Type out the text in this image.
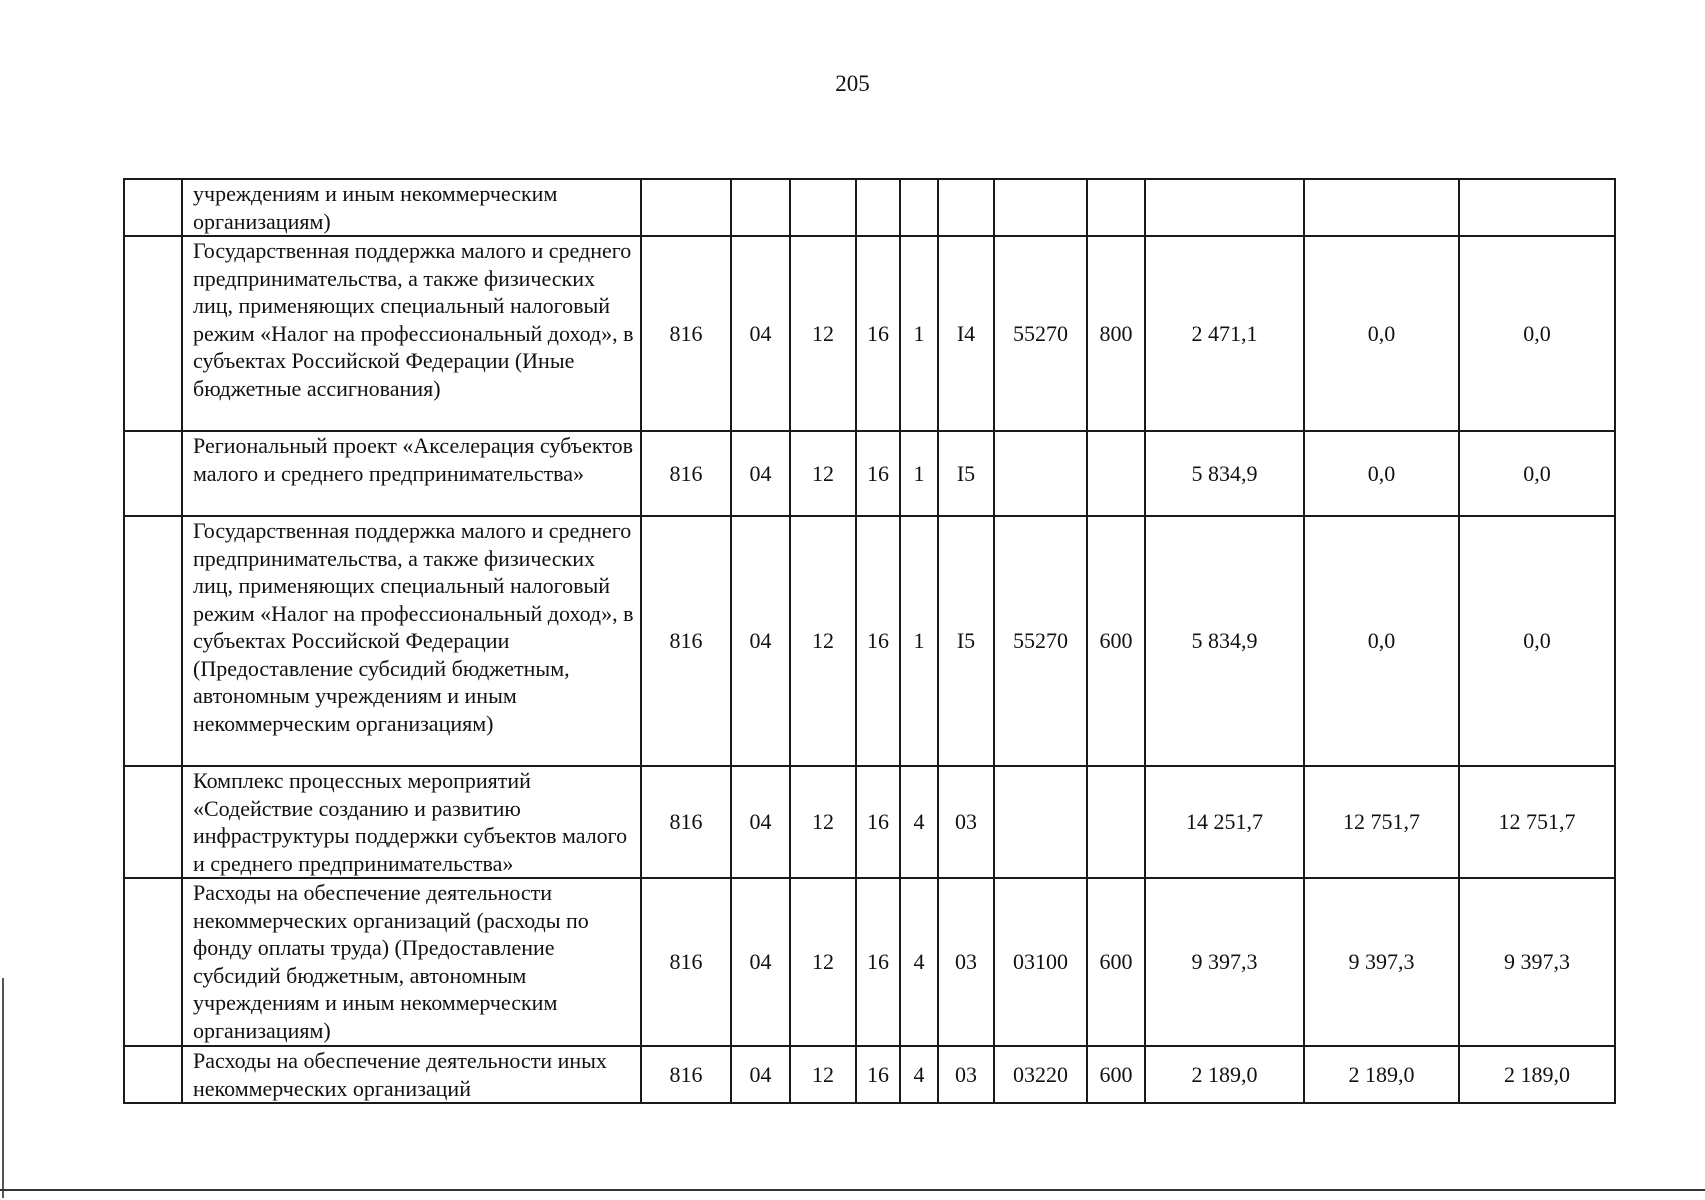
205
	учреждениям и иным некоммерческим организациям)											
	Государственная поддержка малого и среднего предпринимательства, а также физических лиц, применяющих специальный налоговый режим «Налог на профессиональный доход», в субъектах Российской Федерации (Иные бюджетные ассигнования)	816	04	12	16	1	I4	55270	800	2 471,1	0,0	0,0
	Региональный проект «Акселерация субъектов малого и среднего предпринимательства»	816	04	12	16	1	I5			5 834,9	0,0	0,0
	Государственная поддержка малого и среднего предпринимательства, а также физических лиц, применяющих специальный налоговый режим «Налог на профессиональный доход», в субъектах Российской Федерации (Предоставление субсидий бюджетным, автономным учреждениям и иным некоммерческим организациям)	816	04	12	16	1	I5	55270	600	5 834,9	0,0	0,0
	Комплекс процессных мероприятий «Содействие созданию и развитию инфраструктуры поддержки субъектов малого и среднего предпринимательства»	816	04	12	16	4	03			14 251,7	12 751,7	12 751,7
	Расходы на обеспечение деятельности некоммерческих организаций (расходы по фонду оплаты труда) (Предоставление субсидий бюджетным, автономным учреждениям и иным некоммерческим организациям)	816	04	12	16	4	03	03100	600	9 397,3	9 397,3	9 397,3
	Расходы на обеспечение деятельности иных некоммерческих организаций	816	04	12	16	4	03	03220	600	2 189,0	2 189,0	2 189,0
